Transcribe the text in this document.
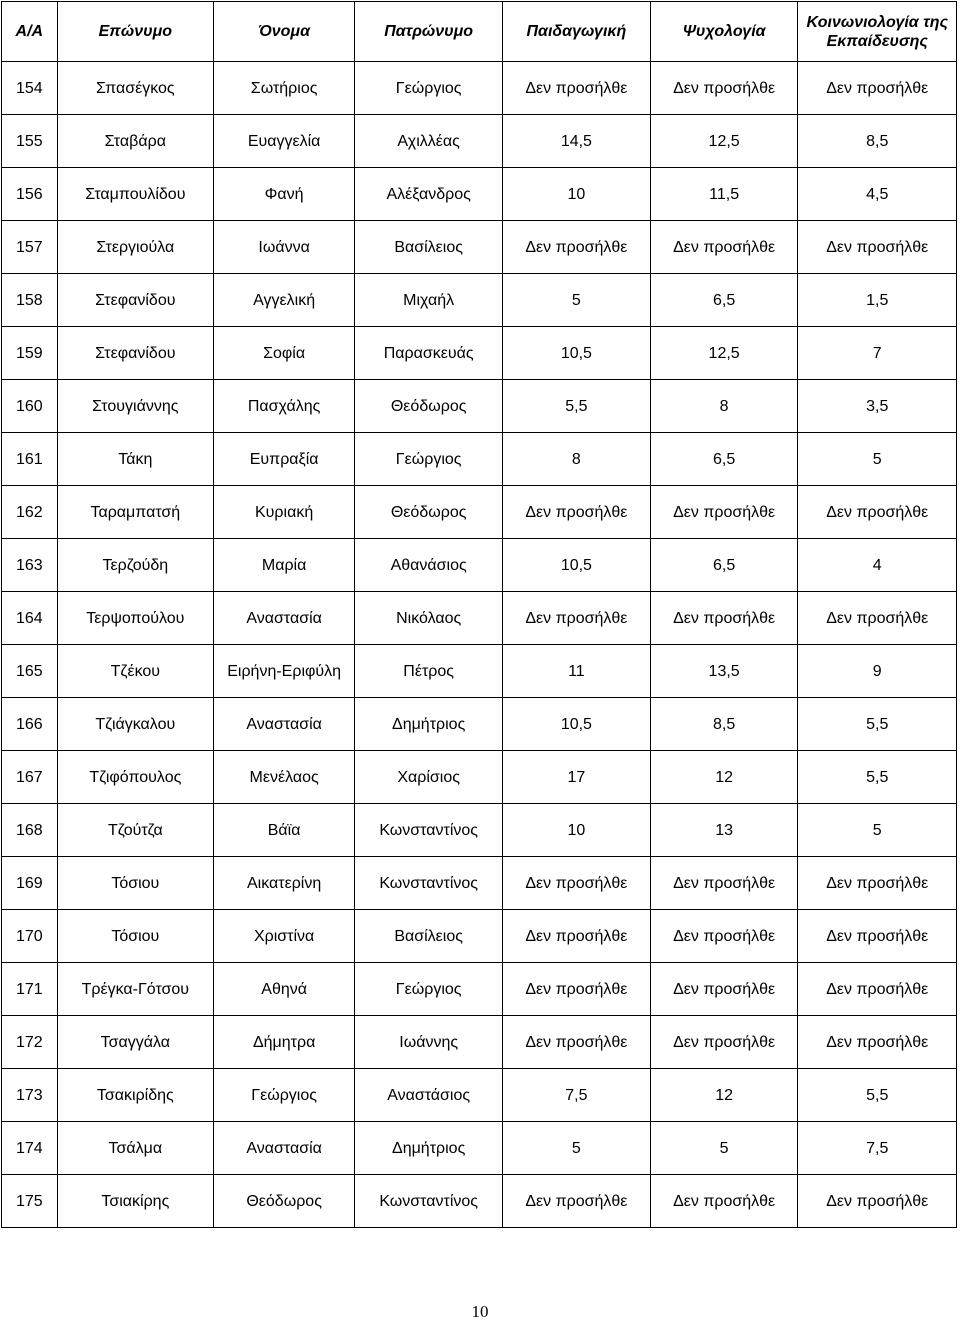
Α/Α	Επώνυμο	Όνομα	Πατρώνυμο	Παιδαγωγική	Ψυχολογία	Κοινωνιολογία της Εκπαίδευσης
154	Σπασέγκος	Σωτήριος	Γεώργιος	Δεν προσήλθε	Δεν προσήλθε	Δεν προσήλθε
155	Σταβάρα	Ευαγγελία	Αχιλλέας	14,5	12,5	8,5
156	Σταμπουλίδου	Φανή	Αλέξανδρος	10	11,5	4,5
157	Στεργιούλα	Ιωάννα	Βασίλειος	Δεν προσήλθε	Δεν προσήλθε	Δεν προσήλθε
158	Στεφανίδου	Αγγελική	Μιχαήλ	5	6,5	1,5
159	Στεφανίδου	Σοφία	Παρασκευάς	10,5	12,5	7
160	Στουγιάννης	Πασχάλης	Θεόδωρος	5,5	8	3,5
161	Τάκη	Ευπραξία	Γεώργιος	8	6,5	5
162	Ταραμπατσή	Κυριακή	Θεόδωρος	Δεν προσήλθε	Δεν προσήλθε	Δεν προσήλθε
163	Τερζούδη	Μαρία	Αθανάσιος	10,5	6,5	4
164	Τερψοπούλου	Αναστασία	Νικόλαος	Δεν προσήλθε	Δεν προσήλθε	Δεν προσήλθε
165	Τζέκου	Ειρήνη-Εριφύλη	Πέτρος	11	13,5	9
166	Τζιάγκαλου	Αναστασία	Δημήτριος	10,5	8,5	5,5
167	Τζιφόπουλος	Μενέλαος	Χαρίσιος	17	12	5,5
168	Τζούτζα	Βάϊα	Κωνσταντίνος	10	13	5
169	Τόσιου	Αικατερίνη	Κωνσταντίνος	Δεν προσήλθε	Δεν προσήλθε	Δεν προσήλθε
170	Τόσιου	Χριστίνα	Βασίλειος	Δεν προσήλθε	Δεν προσήλθε	Δεν προσήλθε
171	Τρέγκα-Γότσου	Αθηνά	Γεώργιος	Δεν προσήλθε	Δεν προσήλθε	Δεν προσήλθε
172	Τσαγγάλα	Δήμητρα	Ιωάννης	Δεν προσήλθε	Δεν προσήλθε	Δεν προσήλθε
173	Τσακιρίδης	Γεώργιος	Αναστάσιος	7,5	12	5,5
174	Τσάλμα	Αναστασία	Δημήτριος	5	5	7,5
175	Τσιακίρης	Θεόδωρος	Κωνσταντίνος	Δεν προσήλθε	Δεν προσήλθε	Δεν προσήλθε
10
